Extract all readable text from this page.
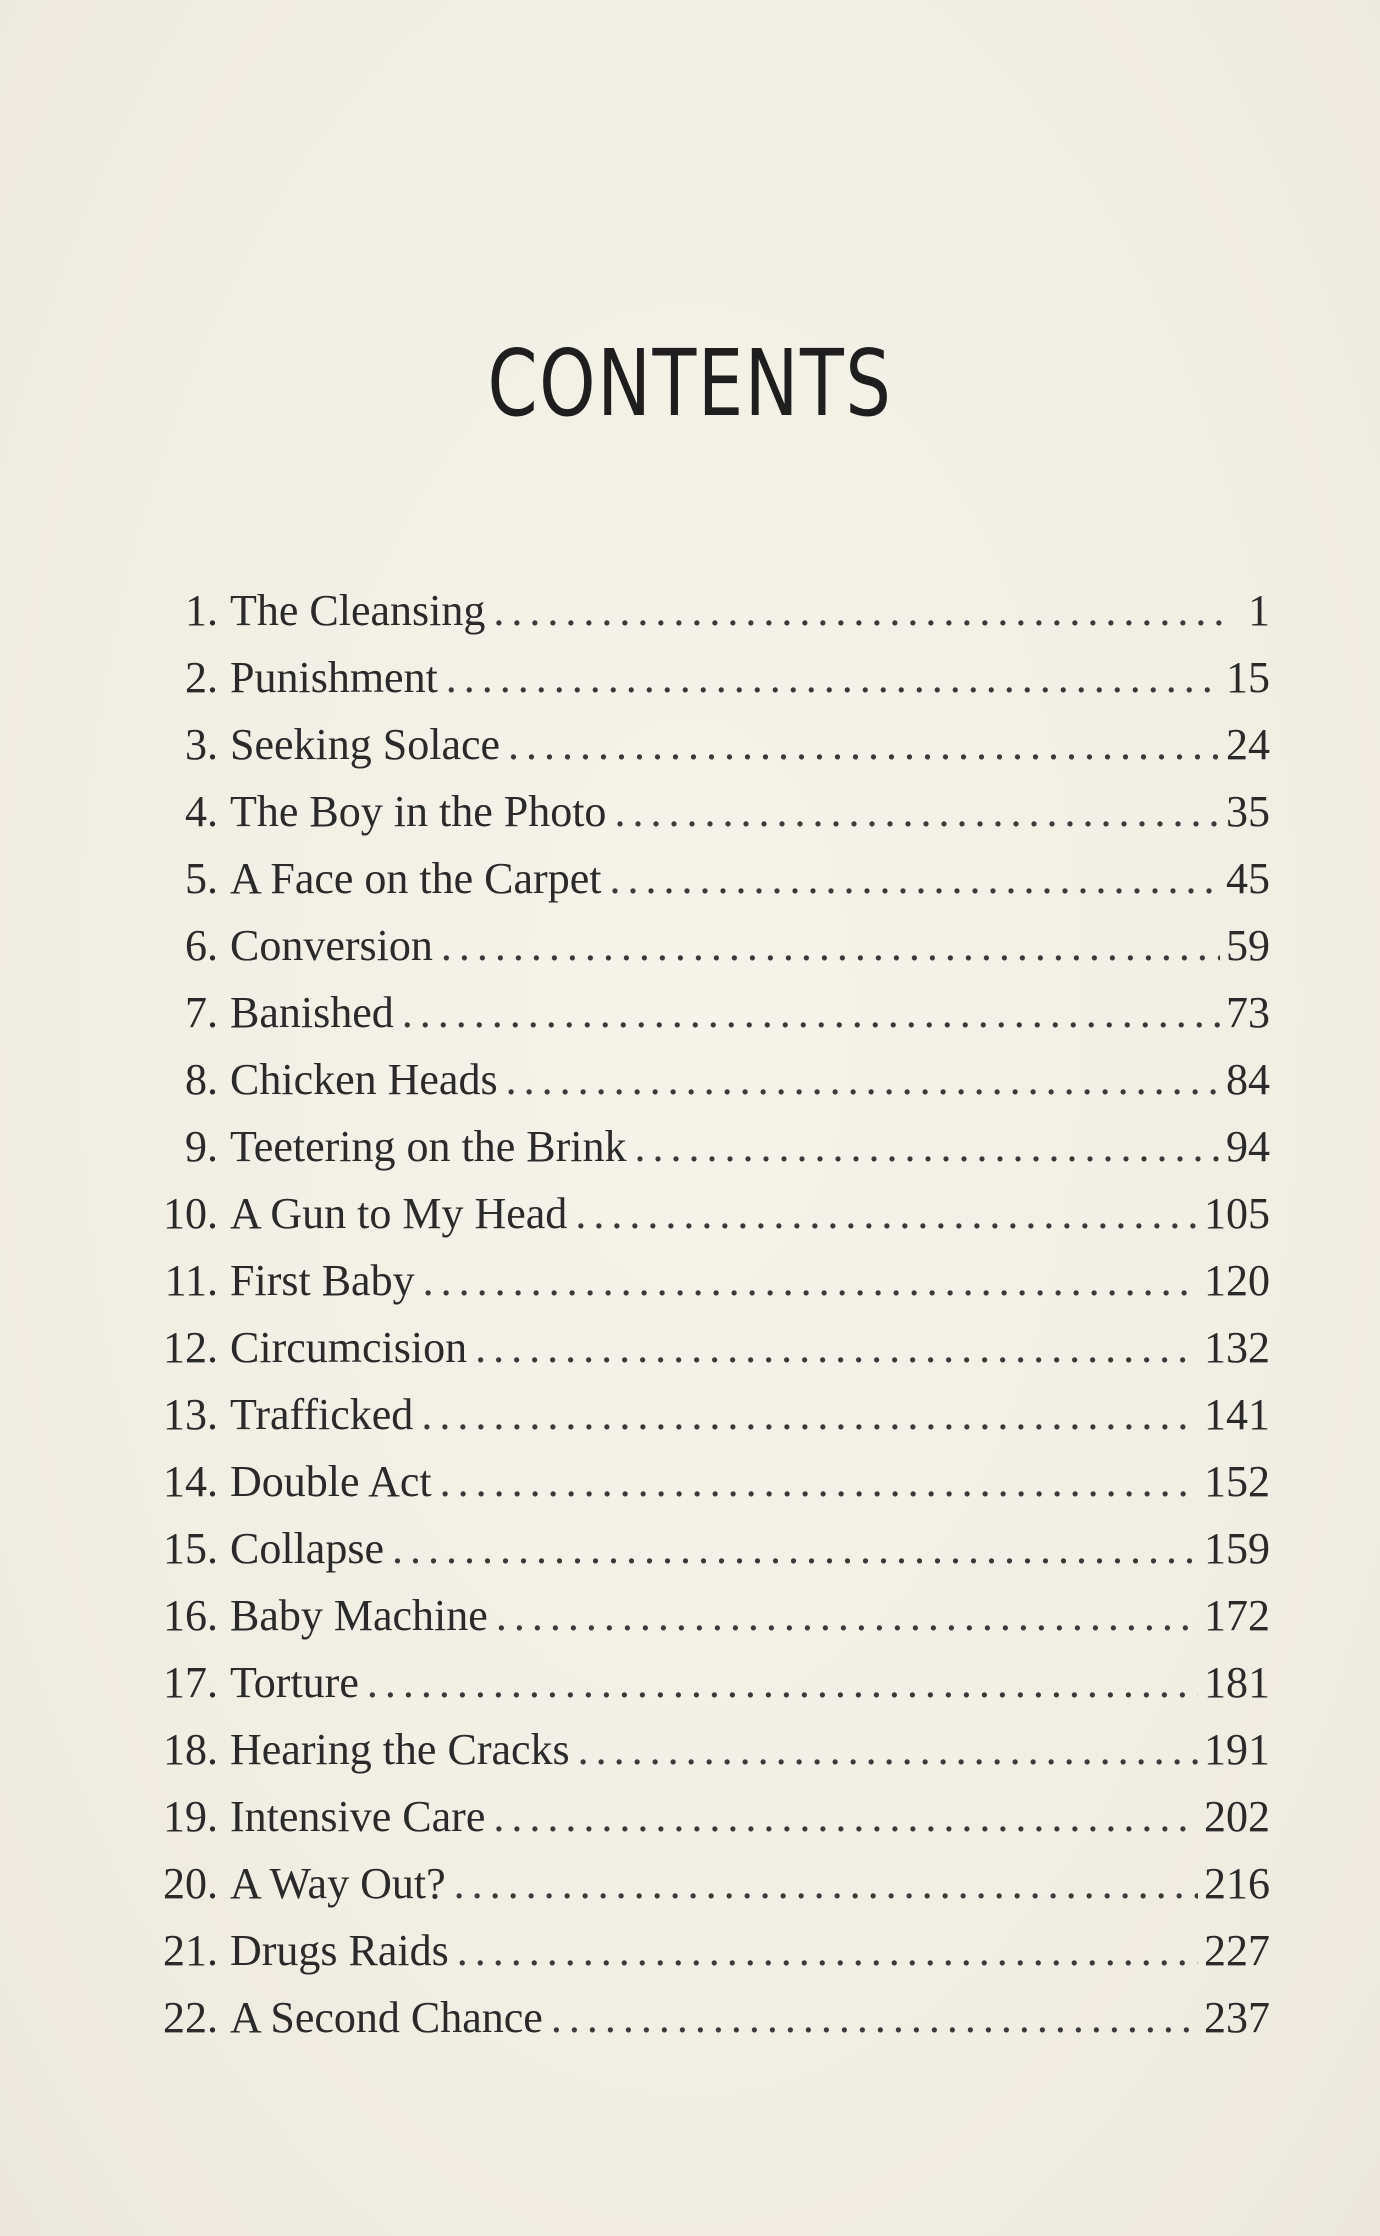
CONTENTS
1. The Cleansing . . .	1
2. Punishment . . .	15
3. Seeking Solace . . .	24
4. The Boy in the Photo . . .	35
5. A Face on the Carpet . . .	45
6. Conversion . . .	59
7. Banished . . .	73
8. Chicken Heads . . .	84
9. Teetering on the Brink . . .	94
10. A Gun to My Head . . .	105
11. First Baby . . .	120
12. Circumcision . . .	132
13. Trafficked . . .	141
14. Double Act . . .	152
15. Collapse . . .	159
16. Baby Machine . . .	172
17. Torture . . .	181
18. Hearing the Cracks . . .	191
19. Intensive Care . . .	202
20. A Way Out? . . .	216
21. Drugs Raids . . .	227
22. A Second Chance . . .	237
